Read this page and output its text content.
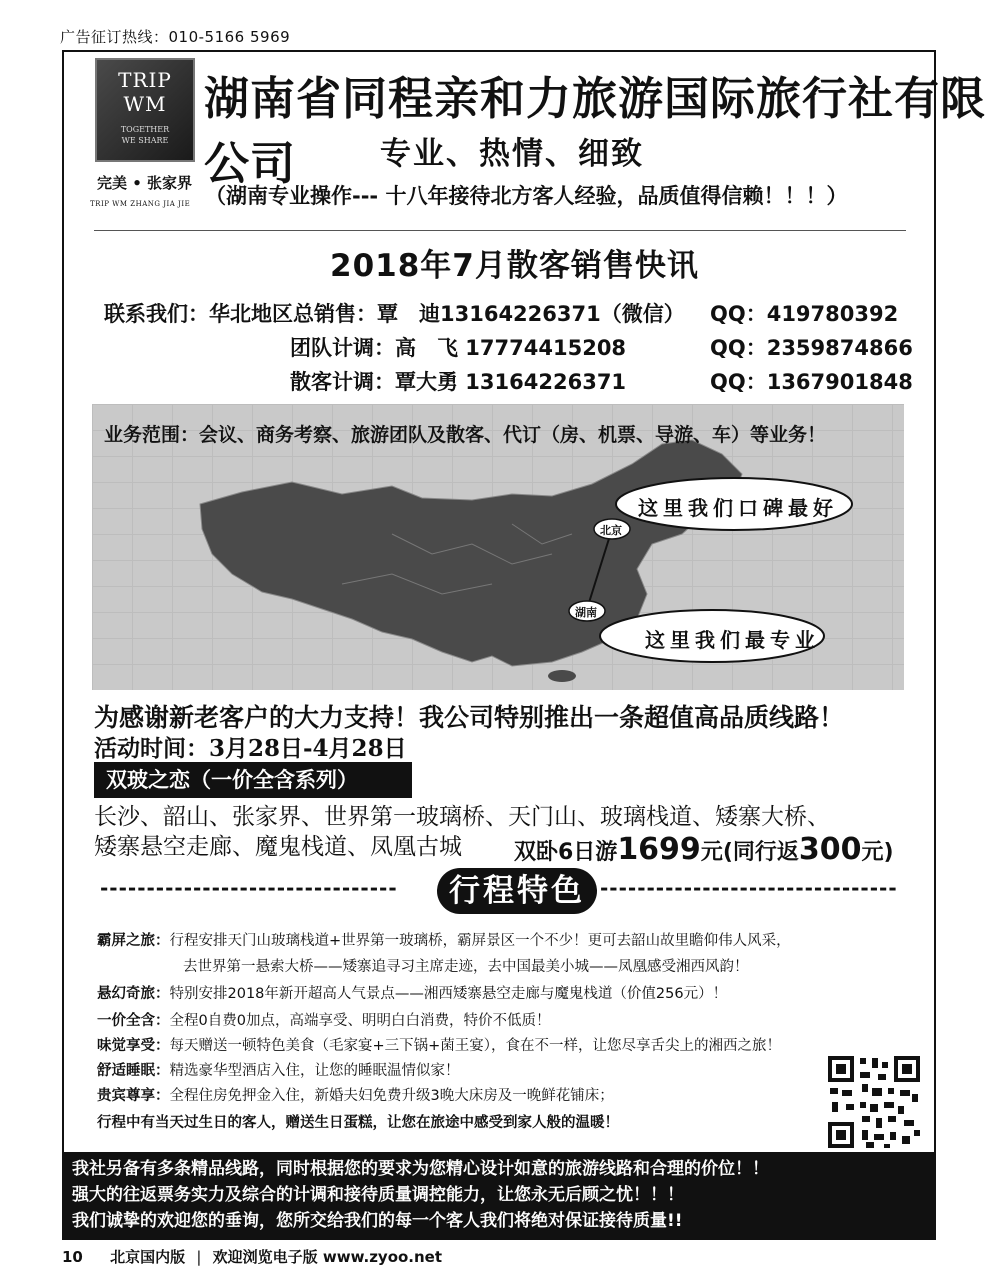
广告征订热线：010-5166 5969
TRIP
WM
TOGETHER
WE SHARE
完美 • 张家界
TRIP WM ZHANG JIA JIE
湖南省同程亲和力旅游国际旅行社有限公司	专业、热情、细致
（湖南专业操作--- 十八年接待北方客人经验，品质值得信赖！！！）
2018年7月散客销售快讯
联系我们：华北地区总销售：覃　迪13164226371（微信） QQ：419780392
团队计调：高　飞 17774415208	QQ：2359874866
散客计调：覃大勇 13164226371	QQ：1367901848
北京
湖南
这里我们口碑最好
这里我们最专业
业务范围：会议、商务考察、旅游团队及散客、代订（房、机票、导游、车）等业务！
为感谢新老客户的大力支持！我公司特别推出一条超值高品质线路！
活动时间：3月28日-4月28日
双玻之恋（一价全含系列）
长沙、韶山、张家界、世界第一玻璃桥、天门山、玻璃栈道、矮寨大桥、
矮寨悬空走廊、魔鬼栈道、凤凰古城	双卧6日游1699元(同行返300元)
--------------------------------	行程特色 --------------------------------
霸屏之旅：行程安排天门山玻璃栈道+世界第一玻璃桥，霸屏景区一个不少！更可去韶山故里瞻仰伟人风采，
去世界第一悬索大桥——矮寨追寻习主席走迹，去中国最美小城——凤凰感受湘西风韵！
悬幻奇旅：特别安排2018年新开超高人气景点——湘西矮寨悬空走廊与魔鬼栈道（价值256元）！
一价全含：全程0自费0加点，高端享受、明明白白消费，特价不低质！
味觉享受：每天赠送一顿特色美食（毛家宴+三下锅+菌王宴），食在不一样，让您尽享舌尖上的湘西之旅！
舒适睡眠：精选豪华型酒店入住，让您的睡眠温情似家！
贵宾尊享：全程住房免押金入住，新婚夫妇免费升级3晚大床房及一晚鲜花铺床；
行程中有当天过生日的客人，赠送生日蛋糕，让您在旅途中感受到家人般的温暖！
我社另备有多条精品线路，同时根据您的要求为您精心设计如意的旅游线路和合理的价位！！
强大的往返票务实力及综合的计调和接待质量调控能力，让您永无后顾之忧！！！
我们诚挚的欢迎您的垂询，您所交给我们的每一个客人我们将绝对保证接待质量!!
10 北京国内版 | 欢迎浏览电子版 www.zyoo.net
